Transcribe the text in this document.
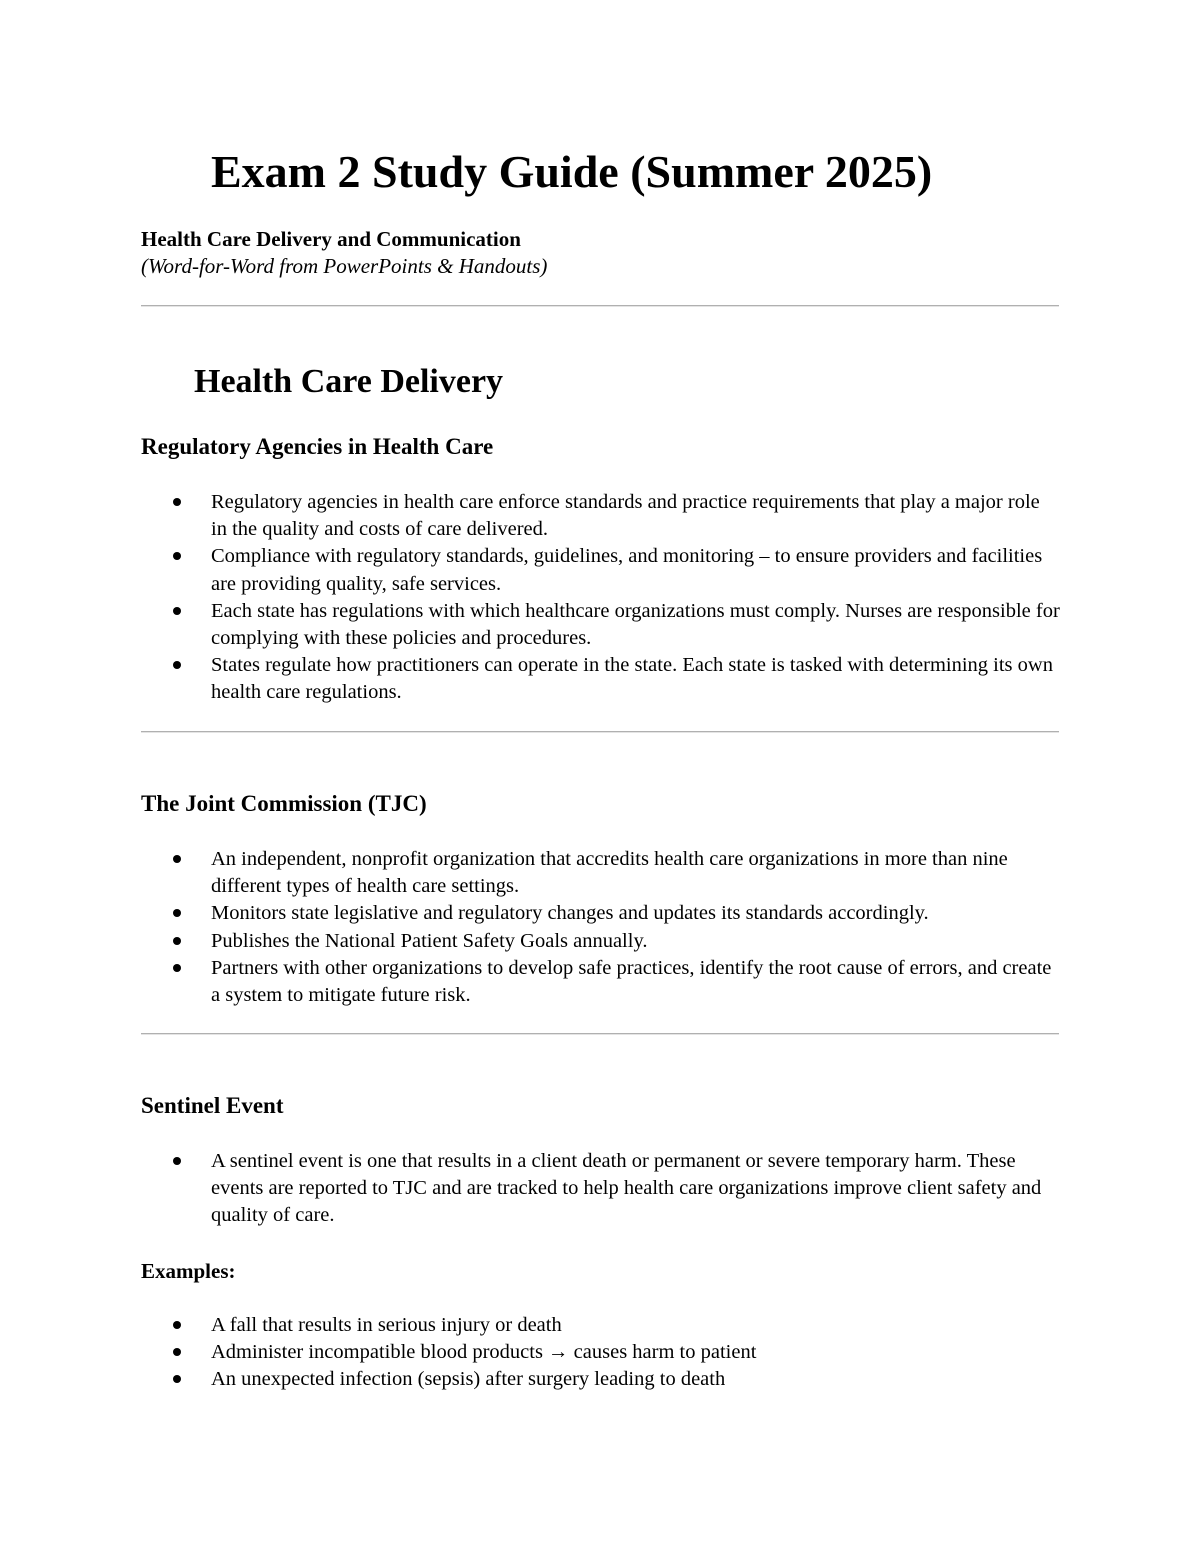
Exam 2 Study Guide (Summer 2025)

Health Care Delivery and Communication

(Word-for-Word from PowerPoints & Handouts)

Health Care Delivery
Regulatory Agencies in Health Care
Regulatory agencies in health care enforce standards and practice requirements that play a major role in the quality and costs of care delivered.
Compliance with regulatory standards, guidelines, and monitoring – to ensure providers and facilities are providing quality, safe services.
Each state has regulations with which healthcare organizations must comply. Nurses are responsible for complying with these policies and procedures.
States regulate how practitioners can operate in the state. Each state is tasked with determining its own health care regulations.
The Joint Commission (TJC)
An independent, nonprofit organization that accredits health care organizations in more than nine different types of health care settings.
Monitors state legislative and regulatory changes and updates its standards accordingly.
Publishes the National Patient Safety Goals annually.
Partners with other organizations to develop safe practices, identify the root cause of errors, and create a system to mitigate future risk.
Sentinel Event
A sentinel event is one that results in a client death or permanent or severe temporary harm. These events are reported to TJC and are tracked to help health care organizations improve client safety and quality of care.

Examples:

A fall that results in serious injury or death
Administer incompatible blood products → causes harm to patient
An unexpected infection (sepsis) after surgery leading to death
